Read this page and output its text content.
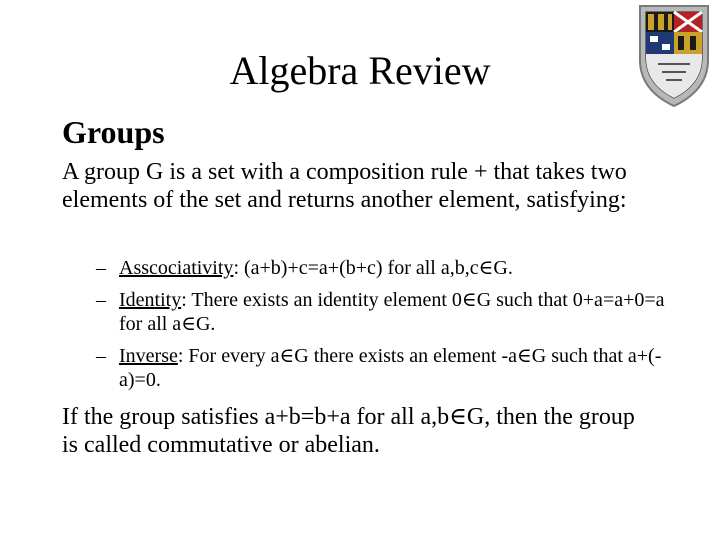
Algebra Review
Groups
A group G is a set with a composition rule + that takes two elements of the set and returns another element, satisfying:
– Asscociativity: (a+b)+c=a+(b+c) for all a,b,c∈G.
– Identity: There exists an identity element 0∈G such that 0+a=a+0=a for all a∈G.
– Inverse: For every a∈G there exists an element -a∈G such that a+(-a)=0.
If the group satisfies a+b=b+a for all a,b∈G, then the group is called commutative or abelian.
